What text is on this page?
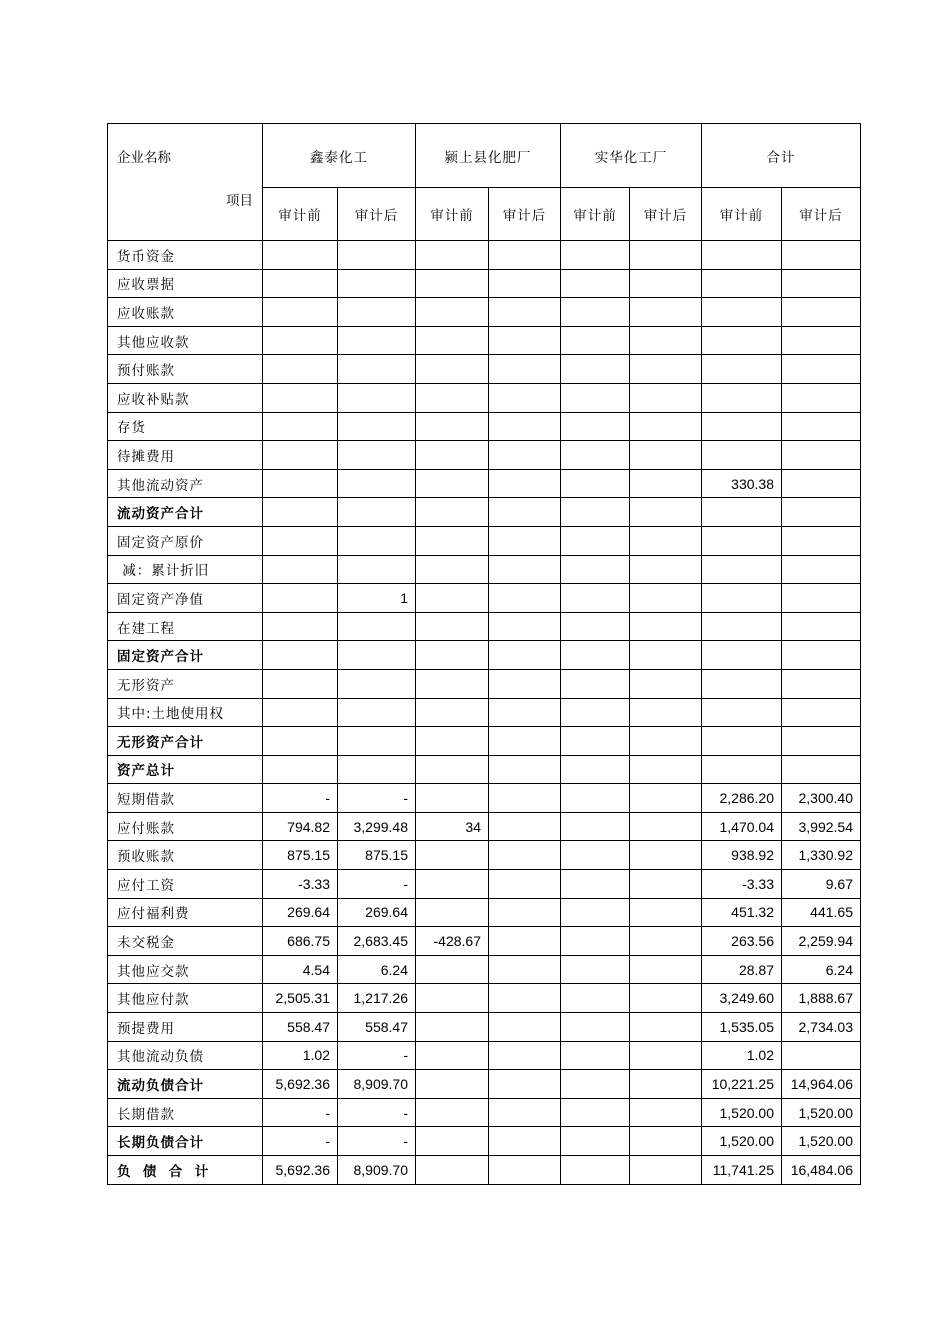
企业名称
项目	鑫泰化工		颍上县化肥厂		实华化工厂		合计	
	审计前	审计后	审计前	审计后	审计前	审计后	审计前	审计后
货币资金								
应收票据								
应收账款								
其他应收款								
预付账款								
应收补贴款								
存货								
待摊费用								
其他流动资产							330.38	
流动资产合计								
固定资产原价								
减：累计折旧								
固定资产净值		1						
在建工程								
固定资产合计								
无形资产								
其中:土地使用权								
无形资产合计								
资产总计								
短期借款	-	-					2,286.20	2,300.40
应付账款	794.82	3,299.48	34				1,470.04	3,992.54
预收账款	875.15	875.15					938.92	1,330.92
应付工资	-3.33	-					-3.33	9.67
应付福利费	269.64	269.64					451.32	441.65
未交税金	686.75	2,683.45	-428.67				263.56	2,259.94
其他应交款	4.54	6.24					28.87	6.24
其他应付款	2,505.31	1,217.26					3,249.60	1,888.67
预提费用	558.47	558.47					1,535.05	2,734.03
其他流动负债	1.02	-					1.02	
流动负债合计	5,692.36	8,909.70					10,221.25	14,964.06
长期借款	-	-					1,520.00	1,520.00
长期负债合计	-	-					1,520.00	1,520.00
负  债  合  计	5,692.36	8,909.70					11,741.25	16,484.06
